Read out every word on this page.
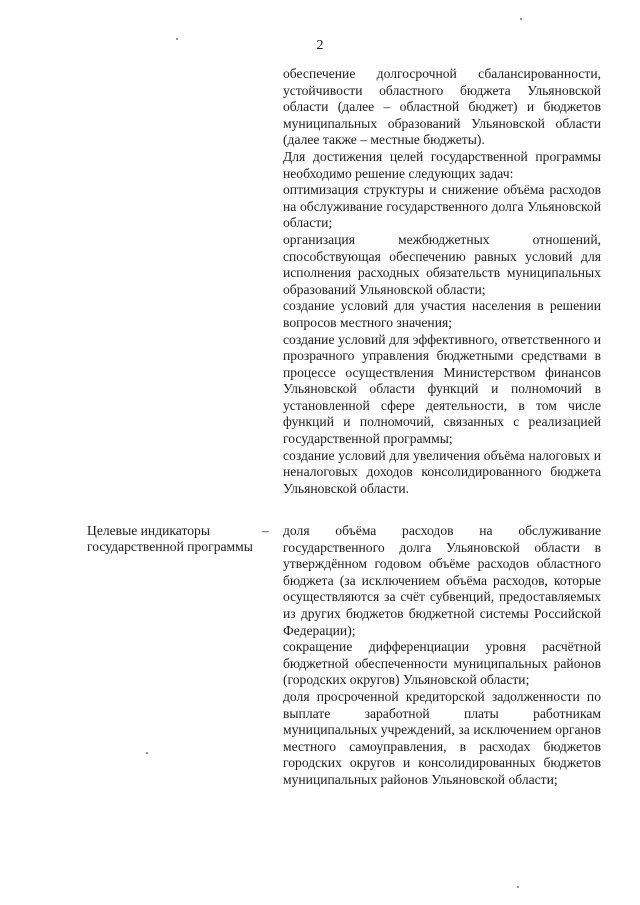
2

обеспечение долгосрочной сбалансированности, устойчивости областного бюджета Ульяновской области (далее – областной бюджет) и бюджетов муниципальных образований Ульяновской области (далее также – местные бюджеты).

Для достижения целей государственной программы необходимо решение следующих задач:

оптимизация структуры и снижение объёма расходов на обслуживание государственного долга Ульяновской области;

организация межбюджетных отношений, способствующая обеспечению равных условий для исполнения расходных обязательств муниципальных образований Ульяновской области;

создание условий для участия населения в решении вопросов местного значения;

создание условий для эффективного, ответственного и прозрачного управления бюджетными средствами в процессе осуществления Министерством финансов Ульяновской области функций и полномочий в установленной сфере деятельности, в том числе функций и полномочий, связанных с реализацией государственной программы;

создание условий для увеличения объёма налоговых и неналоговых доходов консолидированного бюджета Ульяновской области.

Целевые индикаторы государственной программы
–	доля объёма расходов на обслуживание государственного долга Ульяновской области в утверждённом годовом объёме расходов областного бюджета (за исключением объёма расходов, которые осуществляются за счёт субвенций, предоставляемых из других бюджетов бюджетной системы Российской Федерации);

сокращение дифференциации уровня расчётной бюджетной обеспеченности муниципальных районов (городских округов) Ульяновской области;

доля просроченной кредиторской задолженности по выплате заработной платы работникам муниципальных учреждений, за исключением органов местного самоуправления, в расходах бюджетов городских округов и консолидированных бюджетов муниципальных районов Ульяновской области;
